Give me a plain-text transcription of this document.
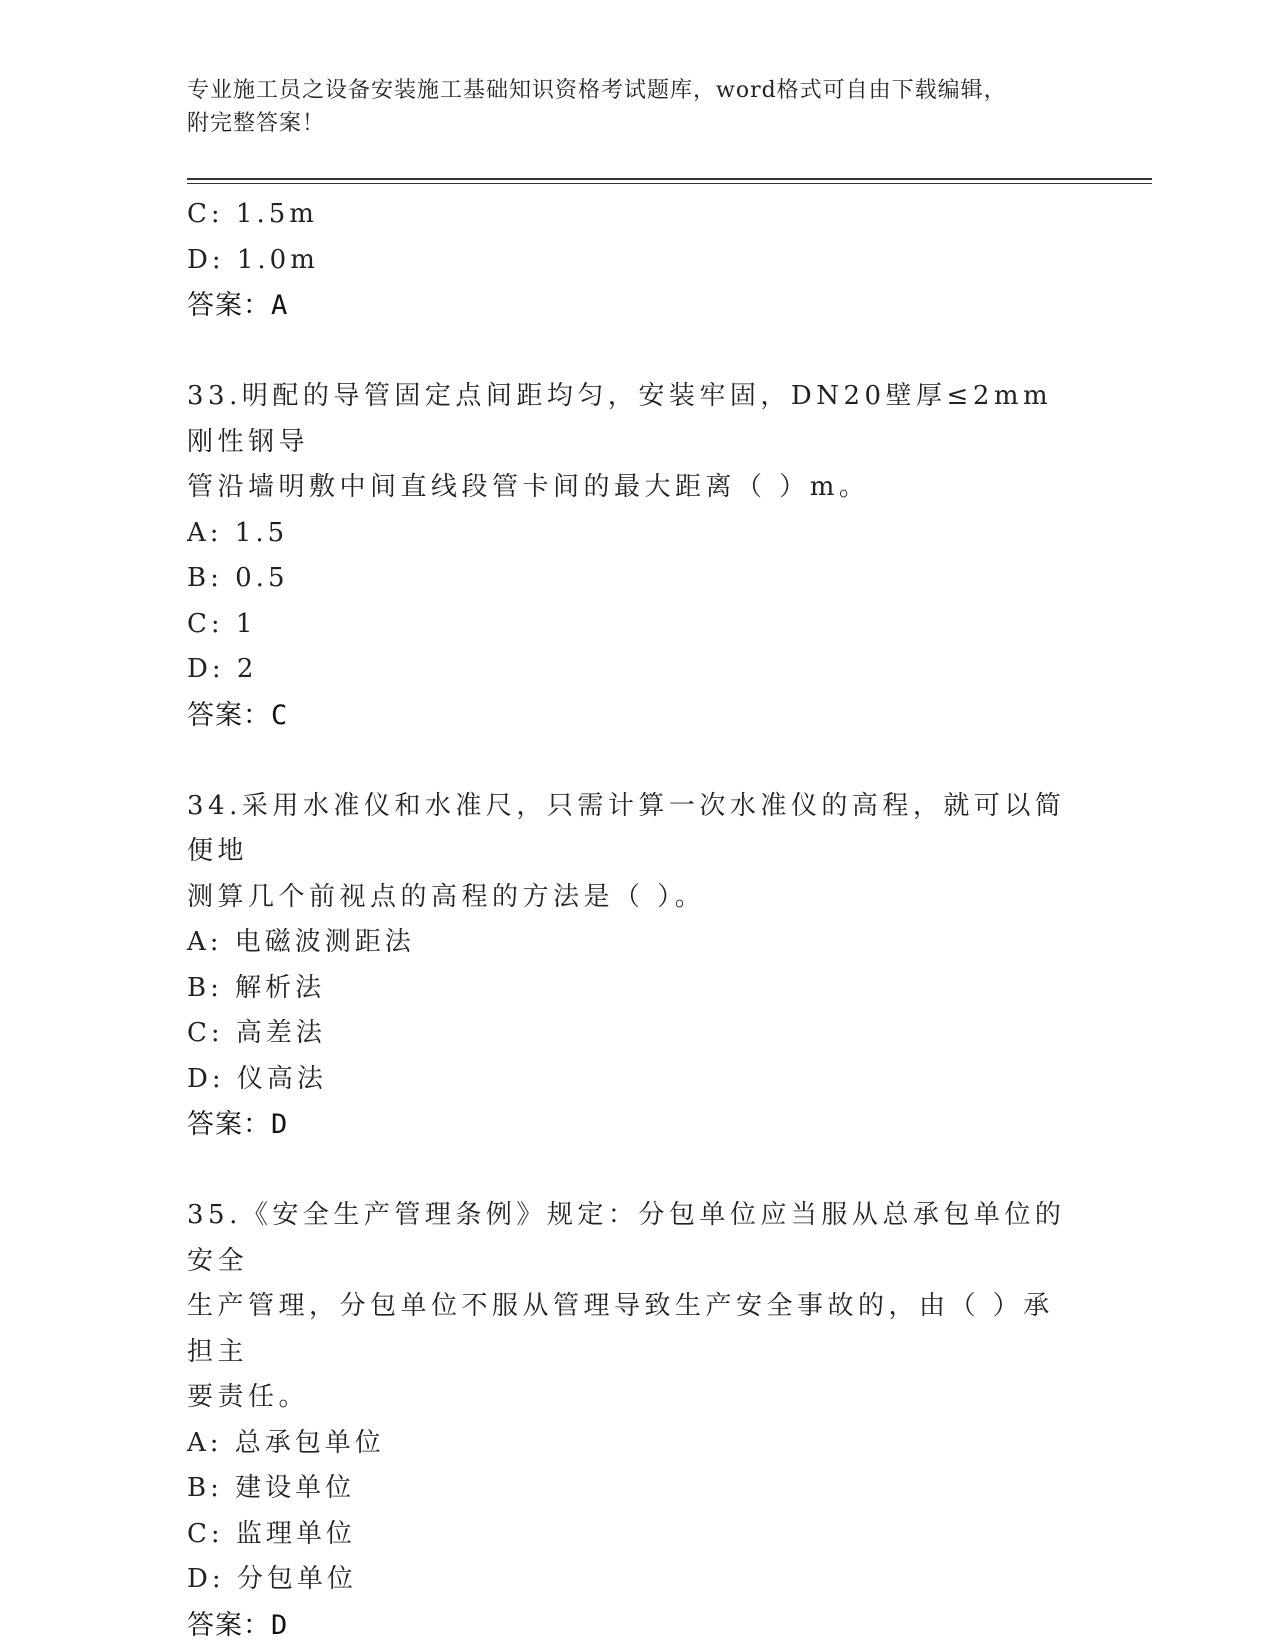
专业施工员之设备安装施工基础知识资格考试题库，word格式可自由下载编辑，
附完整答案！
C: 1.5m
D: 1.0m
答案：A
33.明配的导管固定点间距均匀，安装牢固，DN20壁厚≤2mm刚性钢导
管沿墙明敷中间直线段管卡间的最大距离（ ）m。
A: 1.5
B: 0.5
C: 1
D: 2
答案：C
34.采用水准仪和水准尺，只需计算一次水准仪的高程，就可以简便地
测算几个前视点的高程的方法是（ ）。
A: 电磁波测距法
B: 解析法
C: 高差法
D: 仪高法
答案：D
35.《安全生产管理条例》规定：分包单位应当服从总承包单位的安全
生产管理，分包单位不服从管理导致生产安全事故的，由（ ）承担主
要责任。
A: 总承包单位
B: 建设单位
C: 监理单位
D: 分包单位
答案：D
